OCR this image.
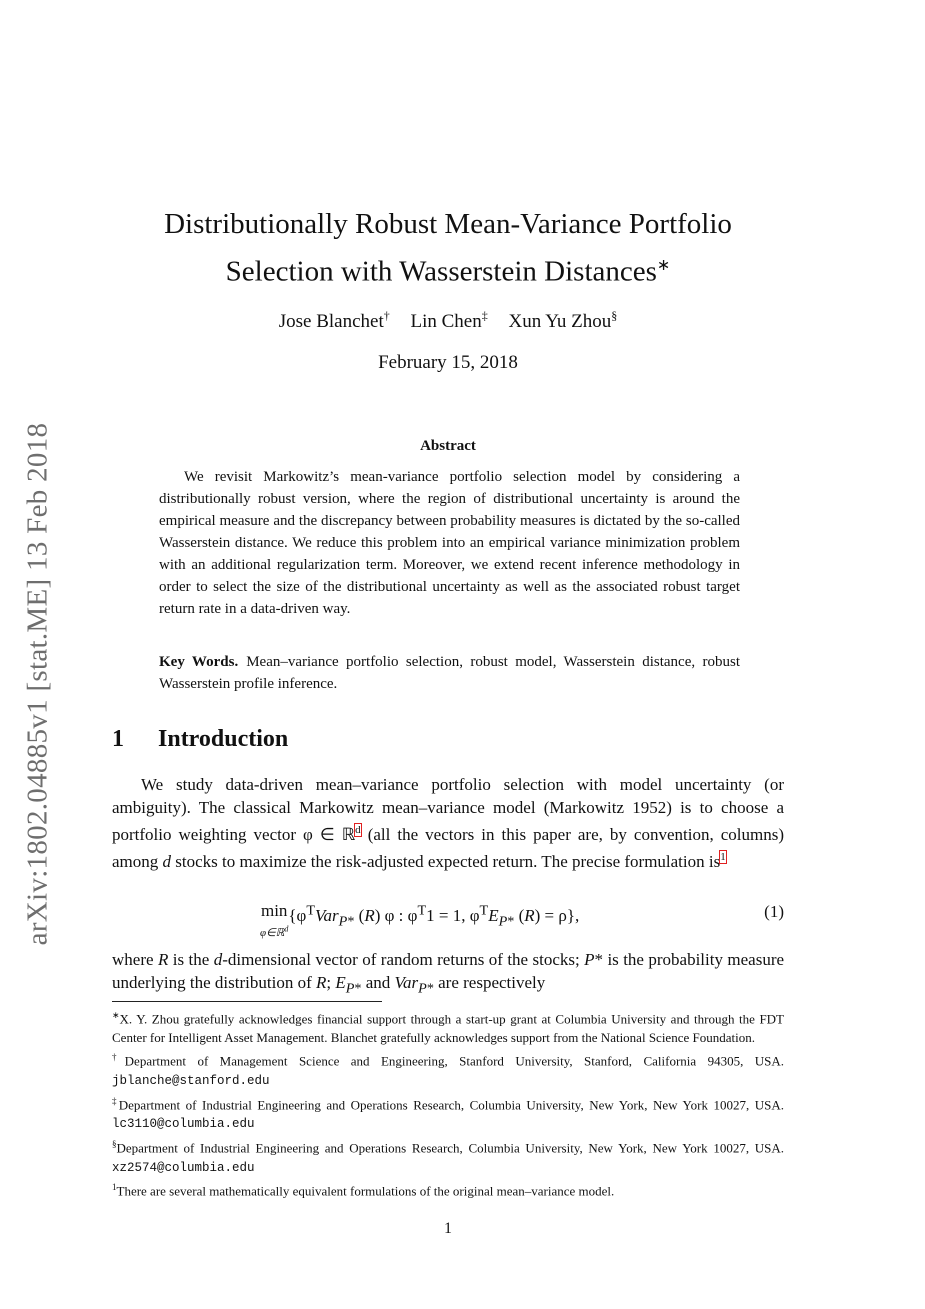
arXiv:1802.04885v1 [stat.ME] 13 Feb 2018
Distributionally Robust Mean-Variance Portfolio
Selection with Wasserstein Distances∗
Jose Blanchet† Lin Chen‡ Xun Yu Zhou§
February 15, 2018
Abstract
We revisit Markowitz’s mean-variance portfolio selection model by considering a distributionally robust version, where the region of distributional uncertainty is around the empirical measure and the discrepancy between probability measures is dictated by the so-called Wasserstein distance. We reduce this problem into an empirical variance minimization problem with an additional regularization term. Moreover, we extend recent inference methodology in order to select the size of the distributional uncertainty as well as the associated robust target return rate in a data-driven way.
Key Words. Mean–variance portfolio selection, robust model, Wasserstein distance, robust Wasserstein profile inference.
1 Introduction
We study data-driven mean–variance portfolio selection with model uncertainty (or ambiguity). The classical Markowitz mean–variance model (Markowitz 1952) is to choose a portfolio weighting vector φ ∈ ℝ$^d$ (all the vectors in this paper are, by convention, columns) among d stocks to maximize the risk-adjusted expected return. The precise formulation $is^1$
min
$\varphi\in ℝ^d\{\varphi^TVar_{P*}$ (R) φ : $\varphi^T1 = 1$, $\varphi^TE_{P*}$ (R) = ρ},	(1)
where R is the d-dimensional vector of random returns of the stocks; P* is the probability measure underlying the distribution of R; $E_{P*}$ and Var$_{P*}$ are respectively
∗X. Y. Zhou gratefully acknowledges financial support through a start-up grant at Columbia University and through the FDT Center for Intelligent Asset Management. Blanchet gratefully acknowledges support from the National Science Foundation.
†Department of Management Science and Engineering, Stanford University, Stanford, California 94305, USA. jblanche@stanford.edu
‡Department of Industrial Engineering and Operations Research, Columbia University, New York, New York 10027, USA. lc3110@columbia.edu
§Department of Industrial Engineering and Operations Research, Columbia University, New York, New York 10027, USA. xz2574@columbia.edu
$^1$There are several mathematically equivalent formulations of the original mean–variance model.
1
